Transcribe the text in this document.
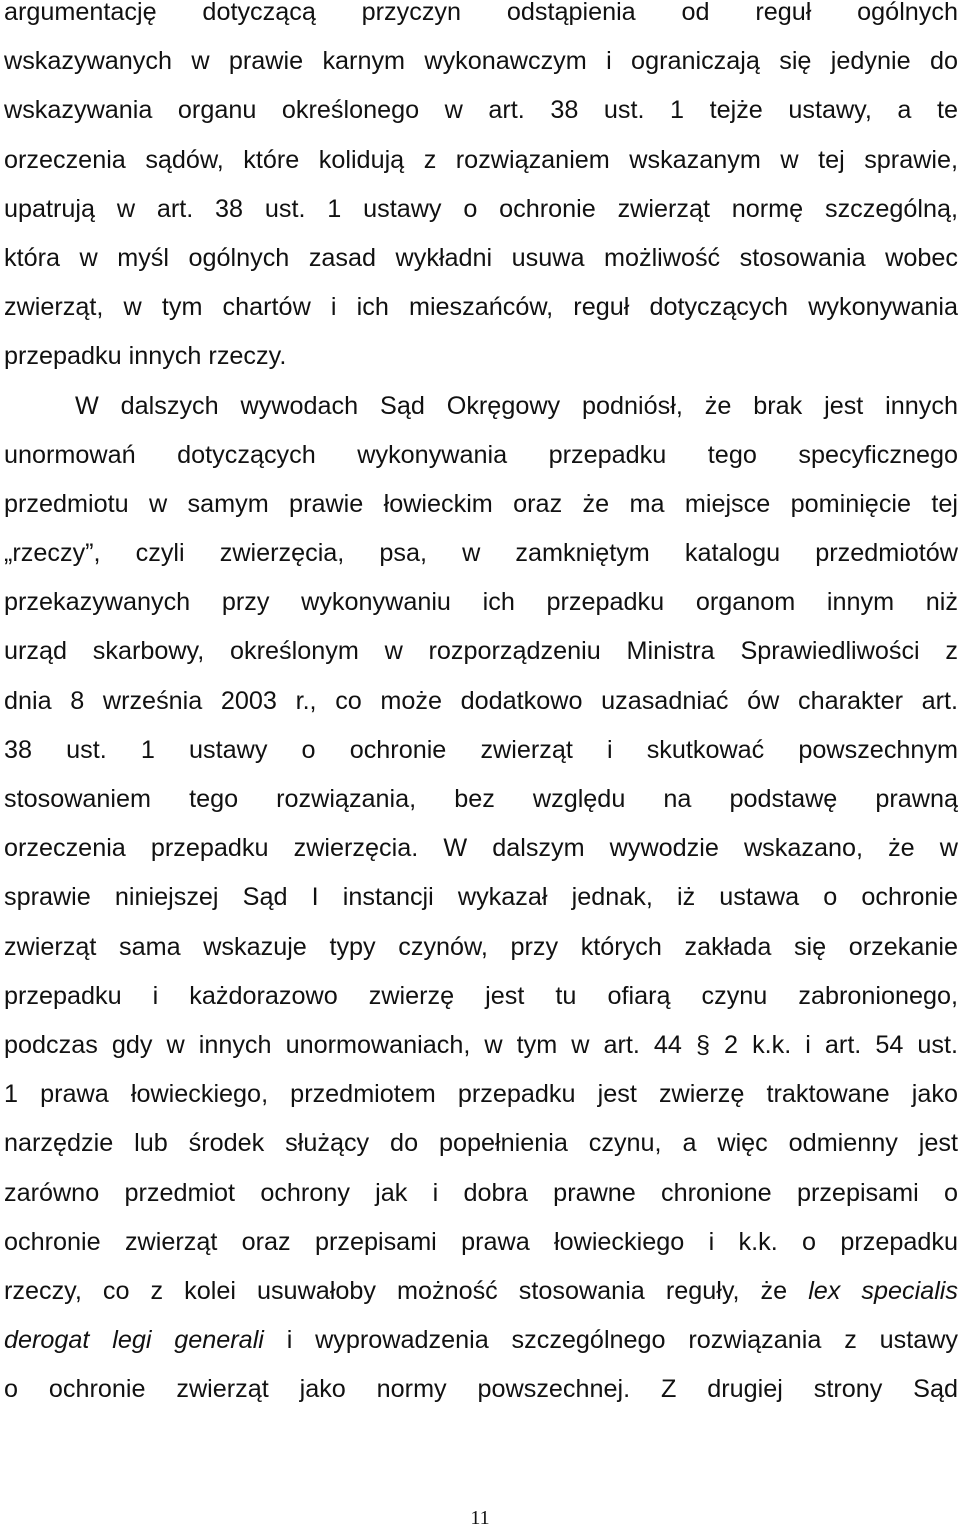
argumentację dotyczącą przyczyn odstąpienia od reguł ogólnych
wskazywanych w prawie karnym wykonawczym i ograniczają się jedynie do
wskazywania organu określonego w art. 38 ust. 1 tejże ustawy, a te
orzeczenia sądów, które kolidują z rozwiązaniem wskazanym w tej sprawie,
upatrują w art. 38 ust. 1 ustawy o ochronie zwierząt normę szczególną,
która w myśl ogólnych zasad wykładni usuwa możliwość stosowania wobec
zwierząt, w tym chartów i ich mieszańców, reguł dotyczących wykonywania
przepadku innych rzeczy.
W dalszych wywodach Sąd Okręgowy podniósł, że brak jest innych
unormowań dotyczących wykonywania przepadku tego specyficznego
przedmiotu w samym prawie łowieckim oraz że ma miejsce pominięcie tej
„rzeczy”, czyli zwierzęcia, psa, w zamkniętym katalogu przedmiotów
przekazywanych przy wykonywaniu ich przepadku organom innym niż
urząd skarbowy, określonym w rozporządzeniu Ministra Sprawiedliwości z
dnia 8 września 2003 r., co może dodatkowo uzasadniać ów charakter art.
38 ust. 1 ustawy o ochronie zwierząt i skutkować powszechnym
stosowaniem tego rozwiązania, bez względu na podstawę prawną
orzeczenia przepadku zwierzęcia. W dalszym wywodzie wskazano, że w
sprawie niniejszej Sąd I instancji wykazał jednak, iż ustawa o ochronie
zwierząt sama wskazuje typy czynów, przy których zakłada się orzekanie
przepadku i każdorazowo zwierzę jest tu ofiarą czynu zabronionego,
podczas gdy w innych unormowaniach, w tym w art. 44 § 2 k.k. i art. 54 ust.
1 prawa łowieckiego, przedmiotem przepadku jest zwierzę traktowane jako
narzędzie lub środek służący do popełnienia czynu, a więc odmienny jest
zarówno przedmiot ochrony jak i dobra prawne chronione przepisami o
ochronie zwierząt oraz przepisami prawa łowieckiego i k.k. o przepadku
rzeczy, co z kolei usuwałoby możność stosowania reguły, że lex specialis
derogat legi generali i wyprowadzenia szczególnego rozwiązania z ustawy
o ochronie zwierząt jako normy powszechnej. Z drugiej strony Sąd
11
